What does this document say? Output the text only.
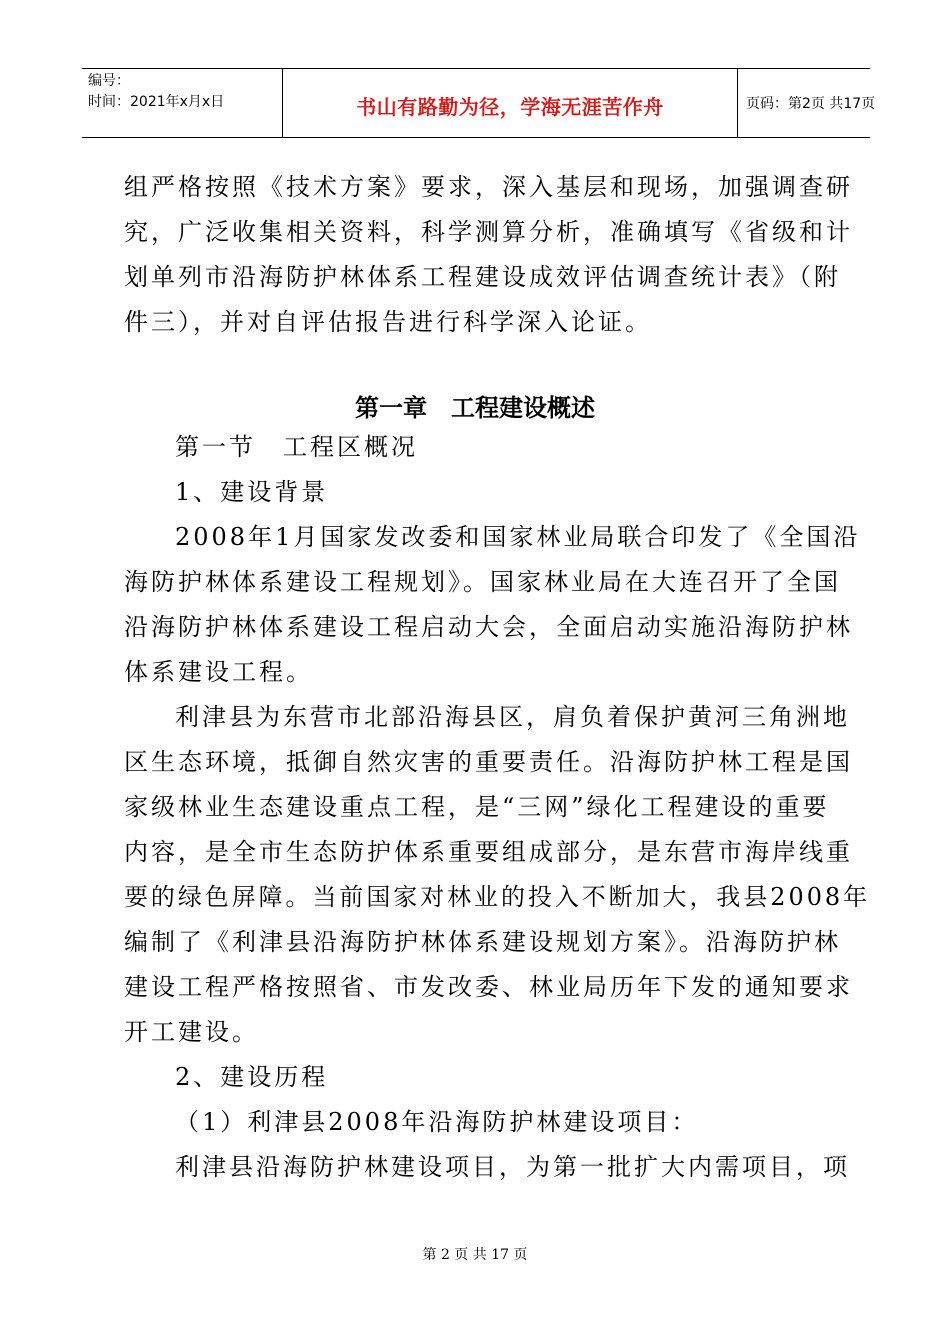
编号：
时间：2021年x月x日	书山有路勤为径，学海无涯苦作舟	页码：第2页 共17页
组严格按照《技术方案》要求，深入基层和现场，加强调查研
究，广泛收集相关资料，科学测算分析，准确填写《省级和计
划单列市沿海防护林体系工程建设成效评估调查统计表》（附
件三），并对自评估报告进行科学深入论证。
第一章　工程建设概述
第一节　工程区概况
1、建设背景
2008年1月国家发改委和国家林业局联合印发了《全国沿
海防护林体系建设工程规划》。国家林业局在大连召开了全国
沿海防护林体系建设工程启动大会，全面启动实施沿海防护林
体系建设工程。
利津县为东营市北部沿海县区，肩负着保护黄河三角洲地
区生态环境，抵御自然灾害的重要责任。沿海防护林工程是国
家级林业生态建设重点工程，是“三网”绿化工程建设的重要
内容，是全市生态防护体系重要组成部分，是东营市海岸线重
要的绿色屏障。当前国家对林业的投入不断加大，我县2008年
编制了《利津县沿海防护林体系建设规划方案》。沿海防护林
建设工程严格按照省、市发改委、林业局历年下发的通知要求
开工建设。
2、建设历程
（1）利津县2008年沿海防护林建设项目：
利津县沿海防护林建设项目，为第一批扩大内需项目，项
第 2 页 共 17 页
